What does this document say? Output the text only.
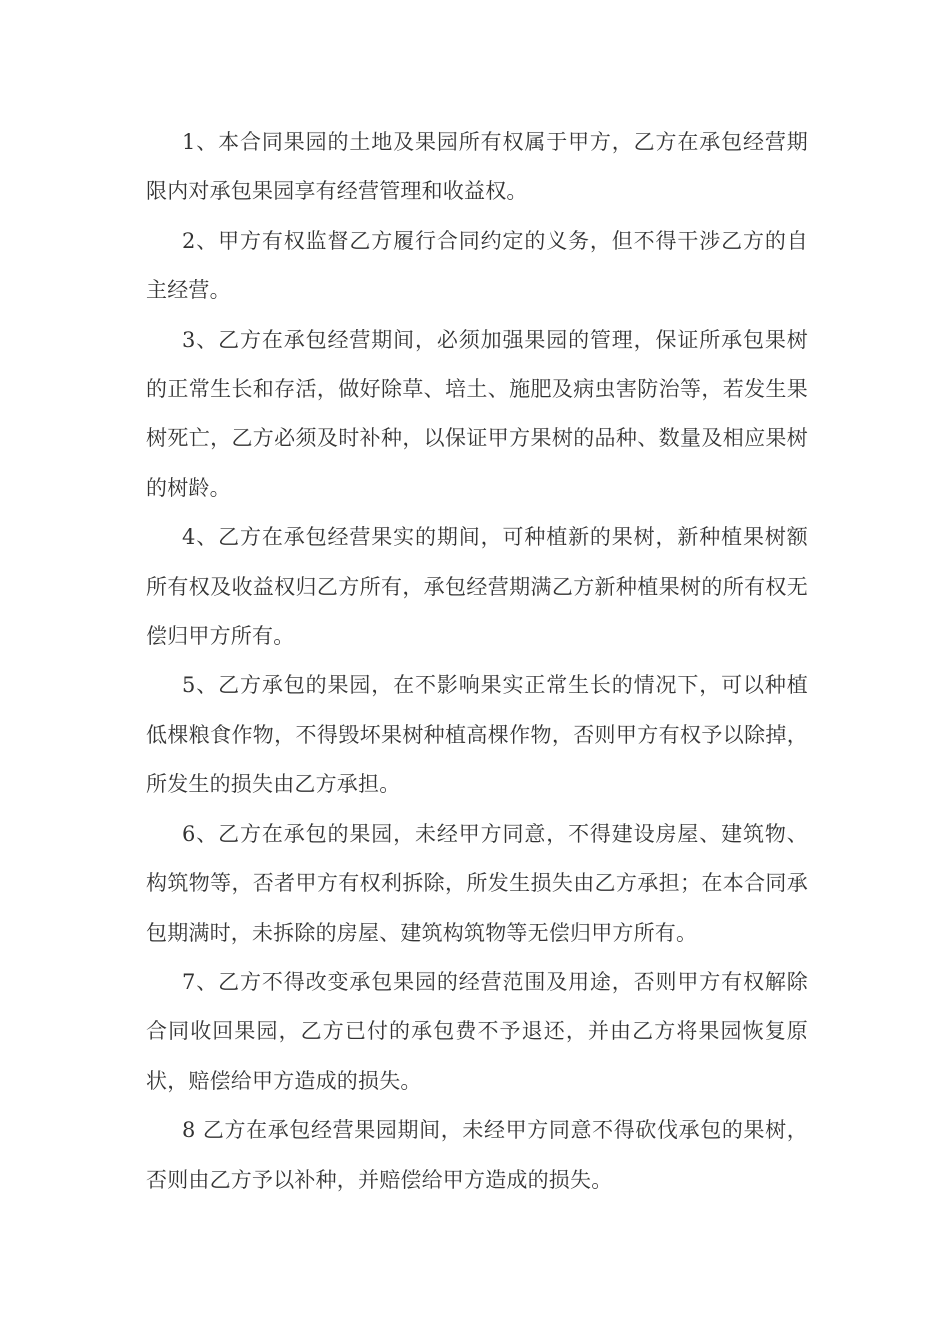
1、本合同果园的土地及果园所有权属于甲方，乙方在承包经营期限内对承包果园享有经营管理和收益权。

2、甲方有权监督乙方履行合同约定的义务，但不得干涉乙方的自主经营。

3、乙方在承包经营期间，必须加强果园的管理，保证所承包果树的正常生长和存活，做好除草、培土、施肥及病虫害防治等，若发生果树死亡，乙方必须及时补种，以保证甲方果树的品种、数量及相应果树的树龄。

4、乙方在承包经营果实的期间，可种植新的果树，新种植果树额所有权及收益权归乙方所有，承包经营期满乙方新种植果树的所有权无偿归甲方所有。

5、乙方承包的果园，在不影响果实正常生长的情况下，可以种植低棵粮食作物，不得毁坏果树种植高棵作物，否则甲方有权予以除掉，所发生的损失由乙方承担。

6、乙方在承包的果园，未经甲方同意，不得建设房屋、建筑物、构筑物等，否者甲方有权利拆除，所发生损失由乙方承担；在本合同承包期满时，未拆除的房屋、建筑构筑物等无偿归甲方所有。

7、乙方不得改变承包果园的经营范围及用途，否则甲方有权解除合同收回果园，乙方已付的承包费不予退还，并由乙方将果园恢复原状，赔偿给甲方造成的损失。

8 乙方在承包经营果园期间，未经甲方同意不得砍伐承包的果树，否则由乙方予以补种，并赔偿给甲方造成的损失。
